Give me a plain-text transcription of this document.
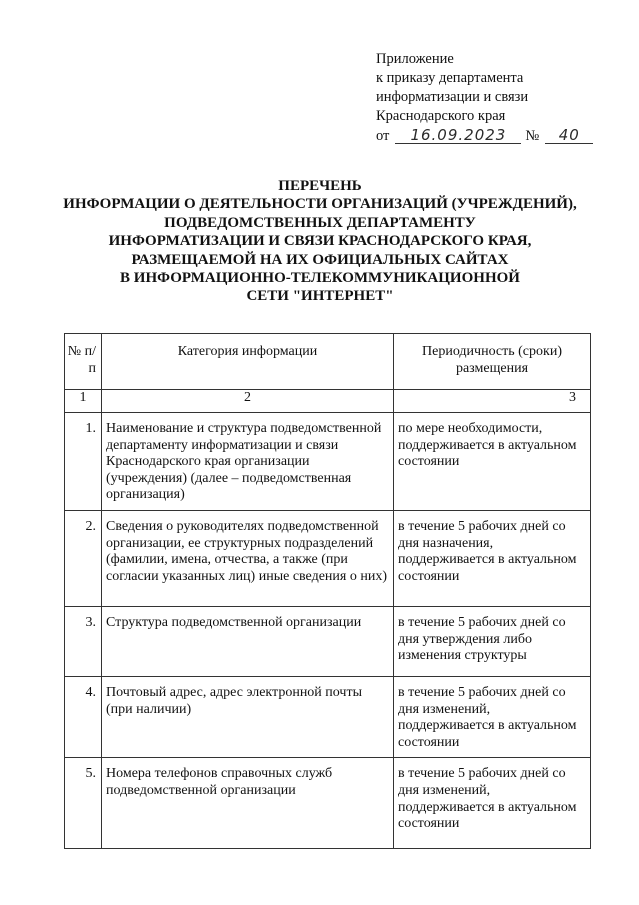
Приложение
к приказу департамента
информатизации и связи
Краснодарского края
от	16.09.2023	№	40
ПЕРЕЧЕНЬ
ИНФОРМАЦИИ О ДЕЯТЕЛЬНОСТИ ОРГАНИЗАЦИЙ (УЧРЕЖДЕНИЙ),
ПОДВЕДОМСТВЕННЫХ ДЕПАРТАМЕНТУ
ИНФОРМАТИЗАЦИИ И СВЯЗИ КРАСНОДАРСКОГО КРАЯ,
РАЗМЕЩАЕМОЙ НА ИХ ОФИЦИАЛЬНЫХ САЙТАХ
В ИНФОРМАЦИОННО-ТЕЛЕКОММУНИКАЦИОННОЙ
СЕТИ "ИНТЕРНЕТ"
№ п/п	Категория информации	Периодичность (сроки) размещения
1	2	3
1.	Наименование и структура подведомственной департаменту информатизации и связи Краснодарского края организации (учреждения) (далее – подведомственная организация)	по мере необходимости, поддерживается в актуальном состоянии
2.	Сведения о руководителях подведомственной организации, ее структурных подразделений (фамилии, имена, отчества, а также (при согласии указанных лиц) иные сведения о них)	в течение 5 рабочих дней со дня назначения, поддерживается в актуальном состоянии
3.	Структура подведомственной организации	в течение 5 рабочих дней со дня утверждения либо изменения структуры
4.	Почтовый адрес, адрес электронной почты (при наличии)	в течение 5 рабочих дней со дня изменений, поддерживается в актуальном состоянии
5.	Номера телефонов справочных служб подведомственной организации	в течение 5 рабочих дней со дня изменений, поддерживается в актуальном состоянии
